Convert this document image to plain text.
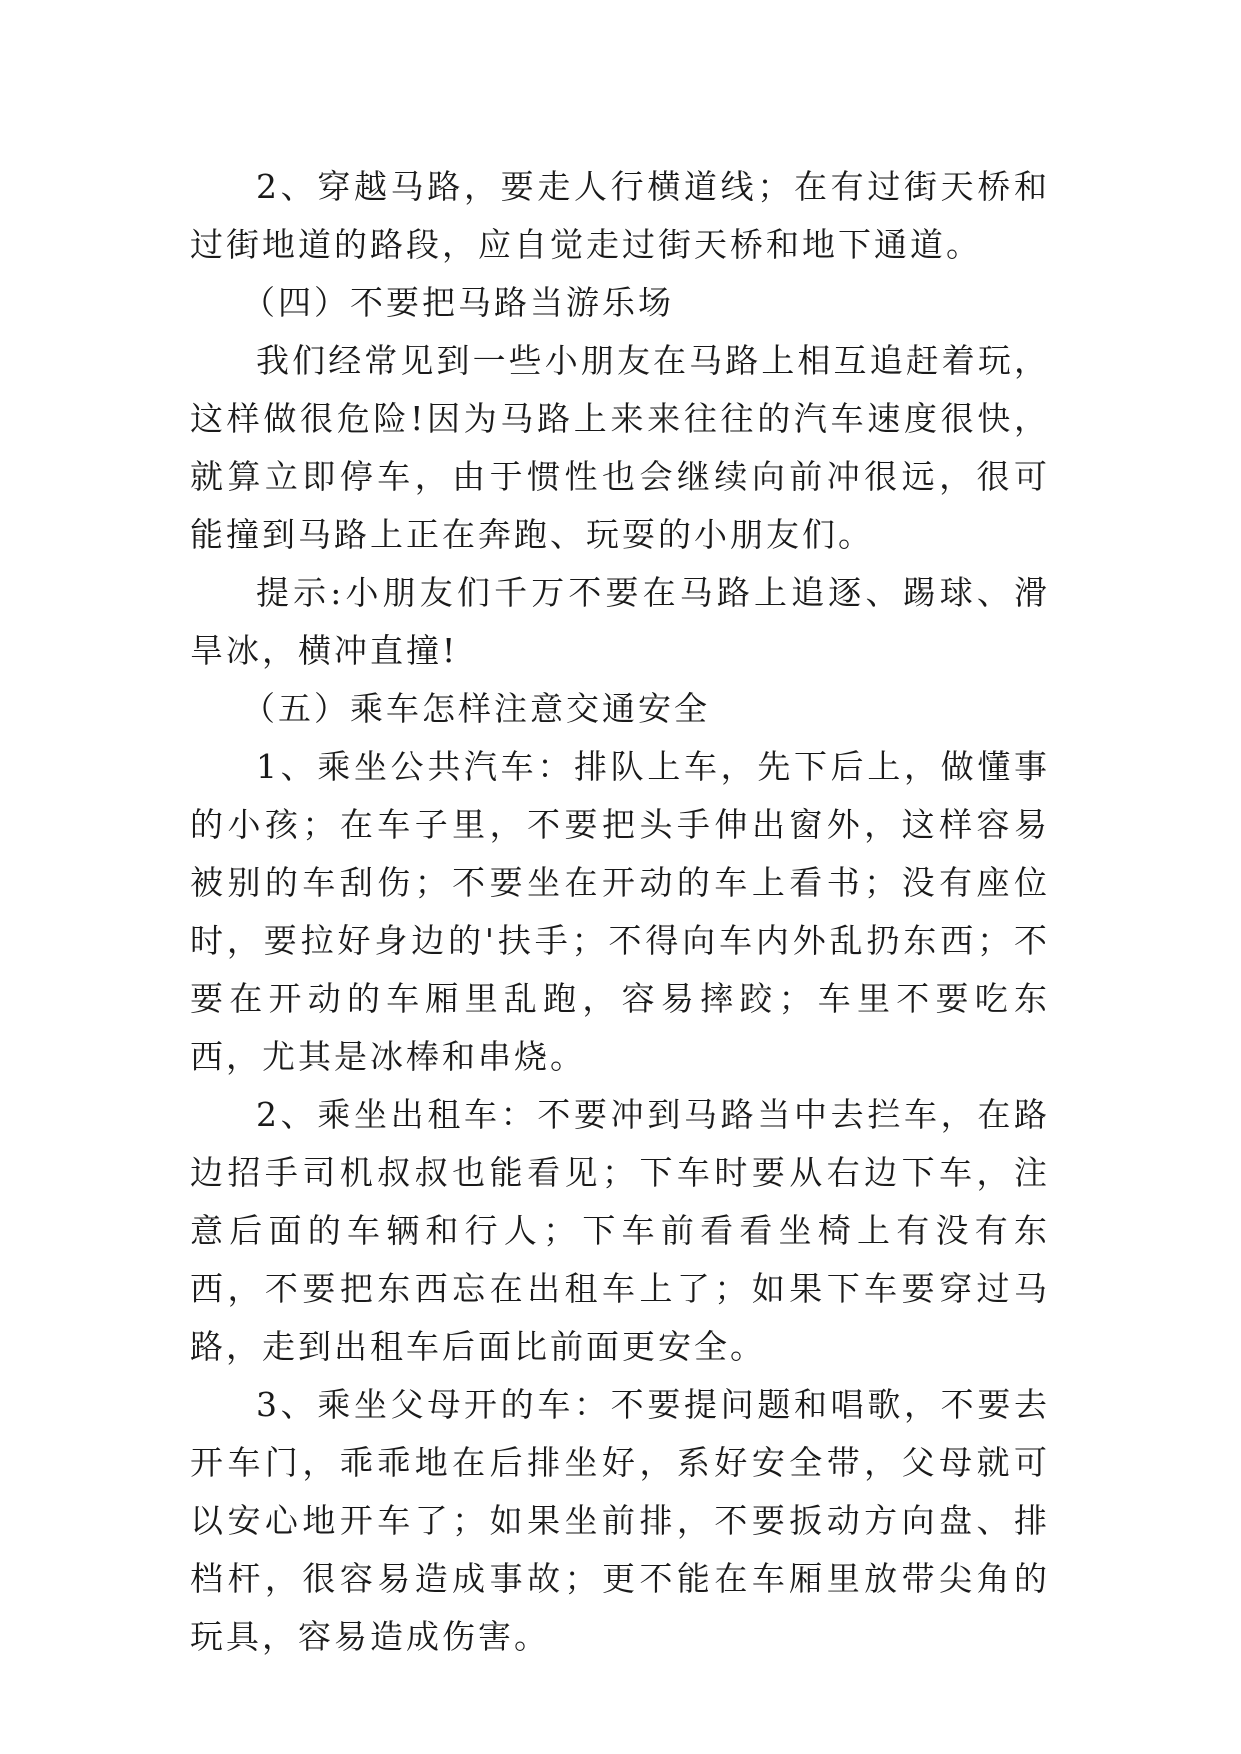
2、穿越马路，要走人行横道线；在有过街天桥和过街地道的路段，应自觉走过街天桥和地下通道。

（四）不要把马路当游乐场

我们经常见到一些小朋友在马路上相互追赶着玩，这样做很危险!因为马路上来来往往的汽车速度很快，就算立即停车，由于惯性也会继续向前冲很远，很可能撞到马路上正在奔跑、玩耍的小朋友们。

提示:小朋友们千万不要在马路上追逐、踢球、滑旱冰，横冲直撞!

（五）乘车怎样注意交通安全

1、乘坐公共汽车：排队上车，先下后上，做懂事的小孩；在车子里，不要把头手伸出窗外，这样容易被别的车刮伤；不要坐在开动的车上看书；没有座位时，要拉好身边的'扶手；不得向车内外乱扔东西；不要在开动的车厢里乱跑，容易摔跤；车里不要吃东西，尤其是冰棒和串烧。

2、乘坐出租车：不要冲到马路当中去拦车，在路边招手司机叔叔也能看见；下车时要从右边下车，注意后面的车辆和行人；下车前看看坐椅上有没有东西，不要把东西忘在出租车上了；如果下车要穿过马路，走到出租车后面比前面更安全。

3、乘坐父母开的车：不要提问题和唱歌，不要去开车门，乖乖地在后排坐好，系好安全带，父母就可以安心地开车了；如果坐前排，不要扳动方向盘、排档杆，很容易造成事故；更不能在车厢里放带尖角的玩具，容易造成伤害。
